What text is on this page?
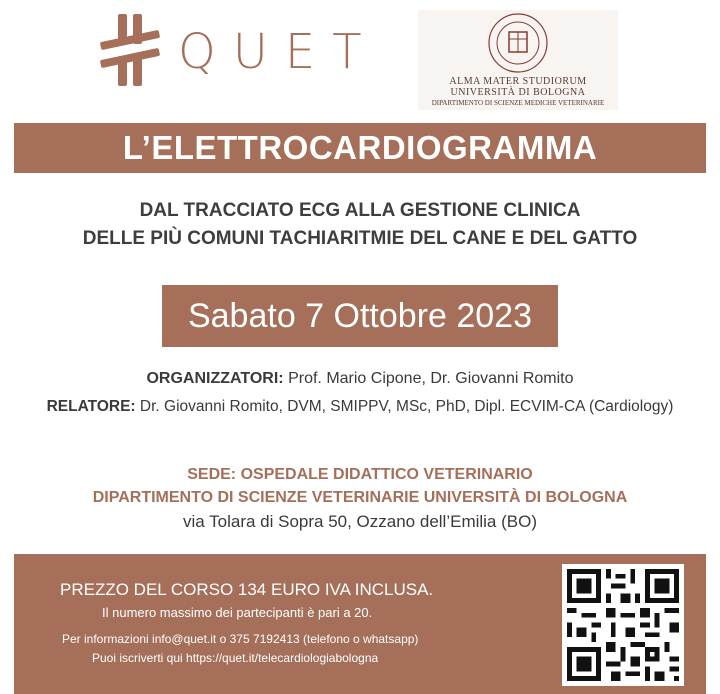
QUET
ALMA MATER STUDIORUM
UNIVERSITÀ DI BOLOGNA
DIPARTIMENTO DI SCIENZE MEDICHE VETERINARIE
L’ELETTROCARDIOGRAMMA
DAL TRACCIATO ECG ALLA GESTIONE CLINICA
DELLE PIÙ COMUNI TACHIARITMIE DEL CANE E DEL GATTO
Sabato 7 Ottobre 2023
ORGANIZZATORI: Prof. Mario Cipone, Dr. Giovanni Romito
RELATORE: Dr. Giovanni Romito, DVM, SMIPPV, MSc, PhD, Dipl. ECVIM-CA (Cardiology)
SEDE: OSPEDALE DIDATTICO VETERINARIO
DIPARTIMENTO DI SCIENZE VETERINARIE UNIVERSITÀ DI BOLOGNA
via Tolara di Sopra 50, Ozzano dell’Emilia (BO)
PREZZO DEL CORSO 134 EURO IVA INCLUSA.
Il numero massimo dei partecipanti è pari a 20.
Per informazioni info@quet.it o 375 7192413 (telefono o whatsapp)
Puoi iscriverti qui https://quet.it/telecardiologiabologna
